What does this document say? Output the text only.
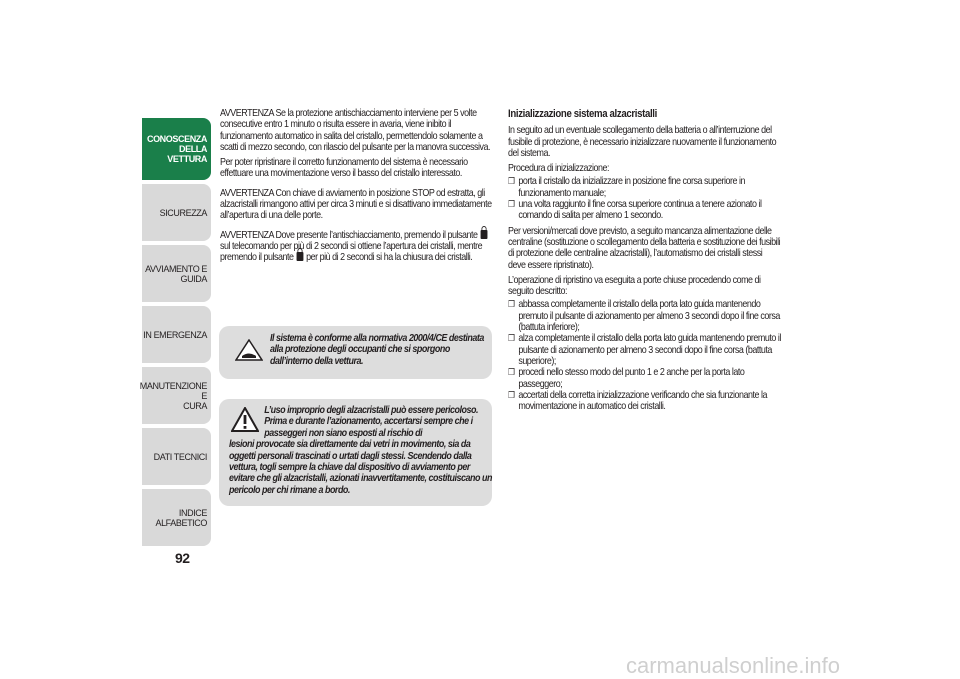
CONOSCENZA
DELLA VETTURA
SICUREZZA
AVVIAMENTO E
GUIDA
IN EMERGENZA
MANUTENZIONE E
CURA
DATI TECNICI
INDICE ALFABETICO
92

AVVERTENZA Se la protezione antischiacciamento interviene per 5 volte consecutive entro 1 minuto o risulta essere in avaria, viene inibito il funzionamento automatico in salita del cristallo, permettendolo solamente a scatti di mezzo secondo, con rilascio del pulsante per la manovra successiva.

Per poter ripristinare il corretto funzionamento del sistema è necessario effettuare una movimentazione verso il basso del cristallo interessato.

AVVERTENZA Con chiave di avviamento in posizione STOP od estratta, gli alzacristalli rimangono attivi per circa 3 minuti e si disattivano immediatamente all’apertura di una delle porte.

AVVERTENZA Dove presente l’antischiacciamento, premendo il pulsante  sul telecomando per più di 2 secondi si ottiene l’apertura dei cristalli, mentre premendo il pulsante per più di 2 secondi si ha la chiusura dei cristalli.

Il sistema è conforme alla normativa 2000/4/CE destinata alla protezione degli occupanti che si sporgono dall’interno della vettura.
L’uso improprio degli alzacristalli può essere pericoloso. Prima e durante l’azionamento, accertarsi sempre che i passeggeri non siano esposti al rischio di
lesioni provocate sia direttamente dai vetri in movimento, sia da oggetti personali trascinati o urtati dagli stessi. Scendendo dalla vettura, togli sempre la chiave dal dispositivo di avviamento per evitare che gli alzacristalli, azionati inavvertitamente, costituiscano un pericolo per chi rimane a bordo.
Inizializzazione sistema alzacristalli

In seguito ad un eventuale scollegamento della batteria o all’interruzione del fusibile di protezione, è necessario inizializzare nuovamente il funzionamento del sistema.

Procedura di inizializzazione:

❒ porta il cristallo da inizializzare in posizione fine corsa superiore in funzionamento manuale;
❒ una volta raggiunto il fine corsa superiore continua a tenere azionato il comando di salita per almeno 1 secondo.

Per versioni/mercati dove previsto, a seguito mancanza alimentazione delle centraline (sostituzione o scollegamento della batteria e sostituzione dei fusibili di protezione delle centraline alzacristalli), l’automatismo dei cristalli stessi deve essere ripristinato).

L’operazione di ripristino va eseguita a porte chiuse procedendo come di seguito descritto:

❒ abbassa completamente il cristallo della porta lato guida mantenendo premuto il pulsante di azionamento per almeno 3 secondi dopo il fine corsa (battuta inferiore);
❒ alza completamente il cristallo della porta lato guida mantenendo premuto il pulsante di azionamento per almeno 3 secondi dopo il fine corsa (battuta superiore);
❒ procedi nello stesso modo del punto 1 e 2 anche per la porta lato passeggero;
❒ accertati della corretta inizializzazione verificando che sia funzionante la movimentazione in automatico dei cristalli.
carmanualsonline.info
